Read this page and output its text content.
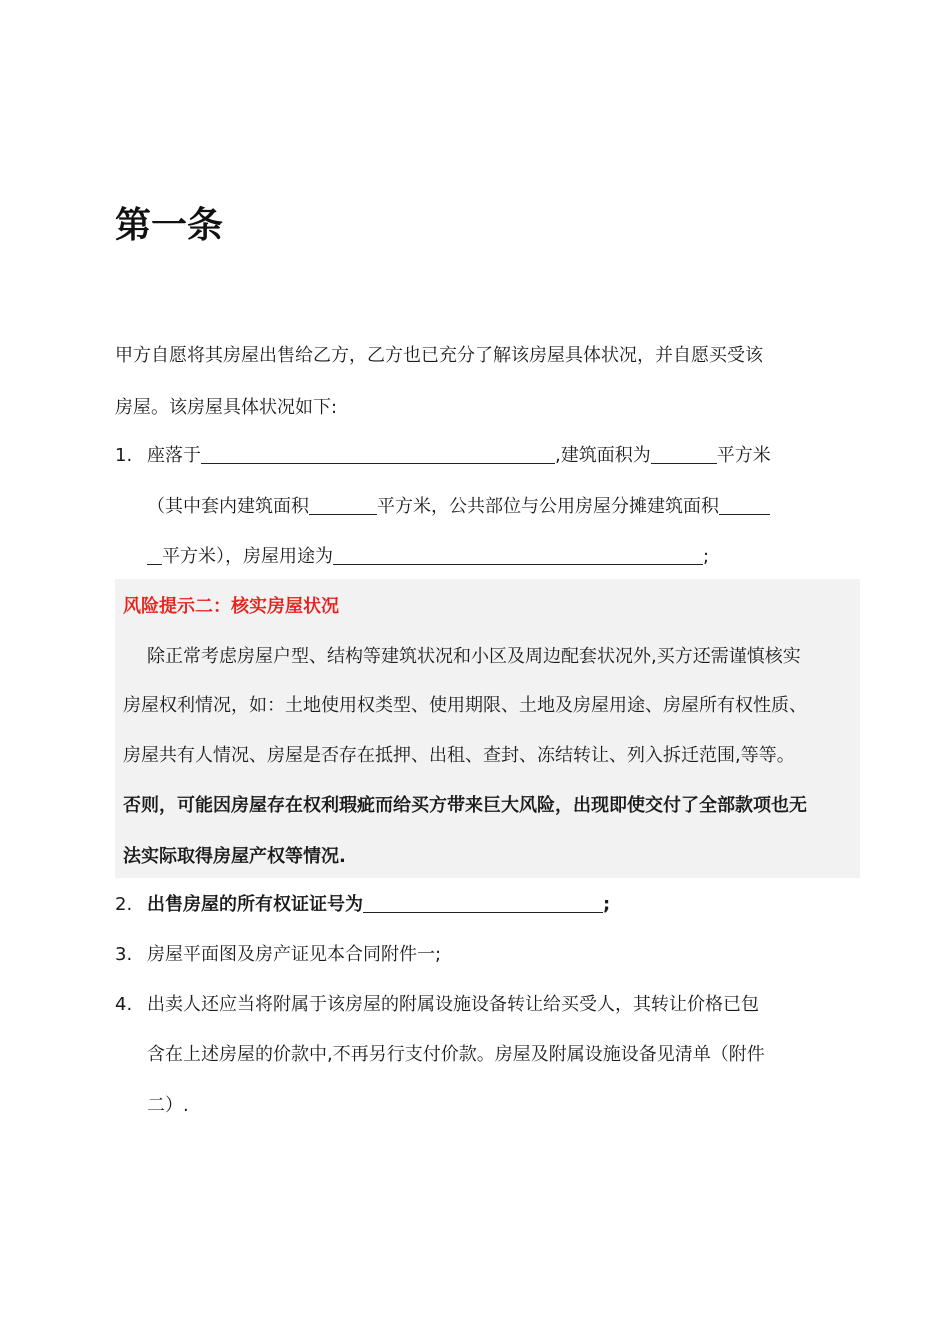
第一条

甲方自愿将其房屋出售给乙方，乙方也已充分了解该房屋具体状况，并自愿买受该

房屋。该房屋具体状况如下:

1. 座落于	,建筑面积为	平方米

（其中套内建筑面积	平方米，公共部位与公用房屋分摊建筑面积

平方米），房屋用途为	;

风险提示二：核实房屋状况

除正常考虑房屋户型、结构等建筑状况和小区及周边配套状况外,买方还需谨慎核实

房屋权利情况，如：土地使用权类型、使用期限、土地及房屋用途、房屋所有权性质、

房屋共有人情况、房屋是否存在抵押、出租、查封、冻结转让、列入拆迁范围,等等。

否则，可能因房屋存在权利瑕疵而给买方带来巨大风险，出现即使交付了全部款项也无

法实际取得房屋产权等情况.

2. 出售房屋的所有权证证号为	;

3. 房屋平面图及房产证见本合同附件一;

4. 出卖人还应当将附属于该房屋的附属设施设备转让给买受人，其转让价格已包

含在上述房屋的价款中,不再另行支付价款。房屋及附属设施设备见清单（附件

二）.
